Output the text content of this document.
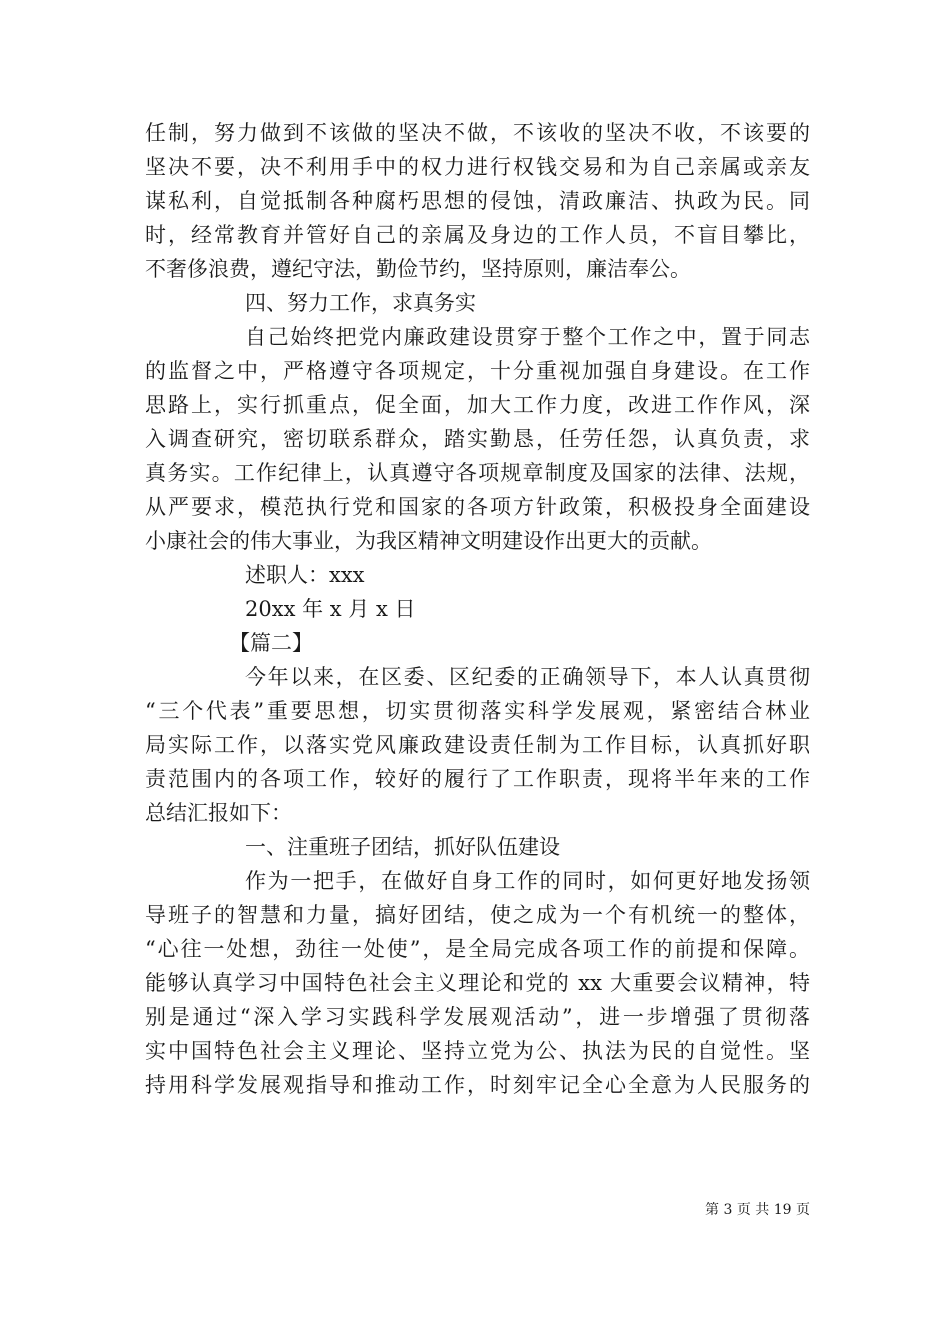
任制，努力做到不该做的坚决不做，不该收的坚决不收，不该要的
坚决不要，决不利用手中的权力进行权钱交易和为自己亲属或亲友
谋私利，自觉抵制各种腐朽思想的侵蚀，清政廉洁、执政为民。同
时，经常教育并管好自己的亲属及身边的工作人员，不盲目攀比，
不奢侈浪费，遵纪守法，勤俭节约，坚持原则，廉洁奉公。
四、努力工作，求真务实
自己始终把党内廉政建设贯穿于整个工作之中，置于同志
的监督之中，严格遵守各项规定，十分重视加强自身建设。在工作
思路上，实行抓重点，促全面，加大工作力度，改进工作作风，深
入调查研究，密切联系群众，踏实勤恳，任劳任怨，认真负责，求
真务实。工作纪律上，认真遵守各项规章制度及国家的法律、法规，
从严要求，模范执行党和国家的各项方针政策，积极投身全面建设
小康社会的伟大事业，为我区精神文明建设作出更大的贡献。
述职人：xxx
20xx 年 x 月 x 日
【篇二】
今年以来，在区委、区纪委的正确领导下，本人认真贯彻
“三个代表”重要思想，切实贯彻落实科学发展观，紧密结合林业
局实际工作，以落实党风廉政建设责任制为工作目标，认真抓好职
责范围内的各项工作，较好的履行了工作职责，现将半年来的工作
总结汇报如下：
一、注重班子团结，抓好队伍建设
作为一把手，在做好自身工作的同时，如何更好地发扬领
导班子的智慧和力量，搞好团结，使之成为一个有机统一的整体，
“心往一处想，劲往一处使”，是全局完成各项工作的前提和保障。
能够认真学习中国特色社会主义理论和党的 xx 大重要会议精神，特
别是通过“深入学习实践科学发展观活动”，进一步增强了贯彻落
实中国特色社会主义理论、坚持立党为公、执法为民的自觉性。坚
持用科学发展观指导和推动工作，时刻牢记全心全意为人民服务的
第 3 页 共 19 页
